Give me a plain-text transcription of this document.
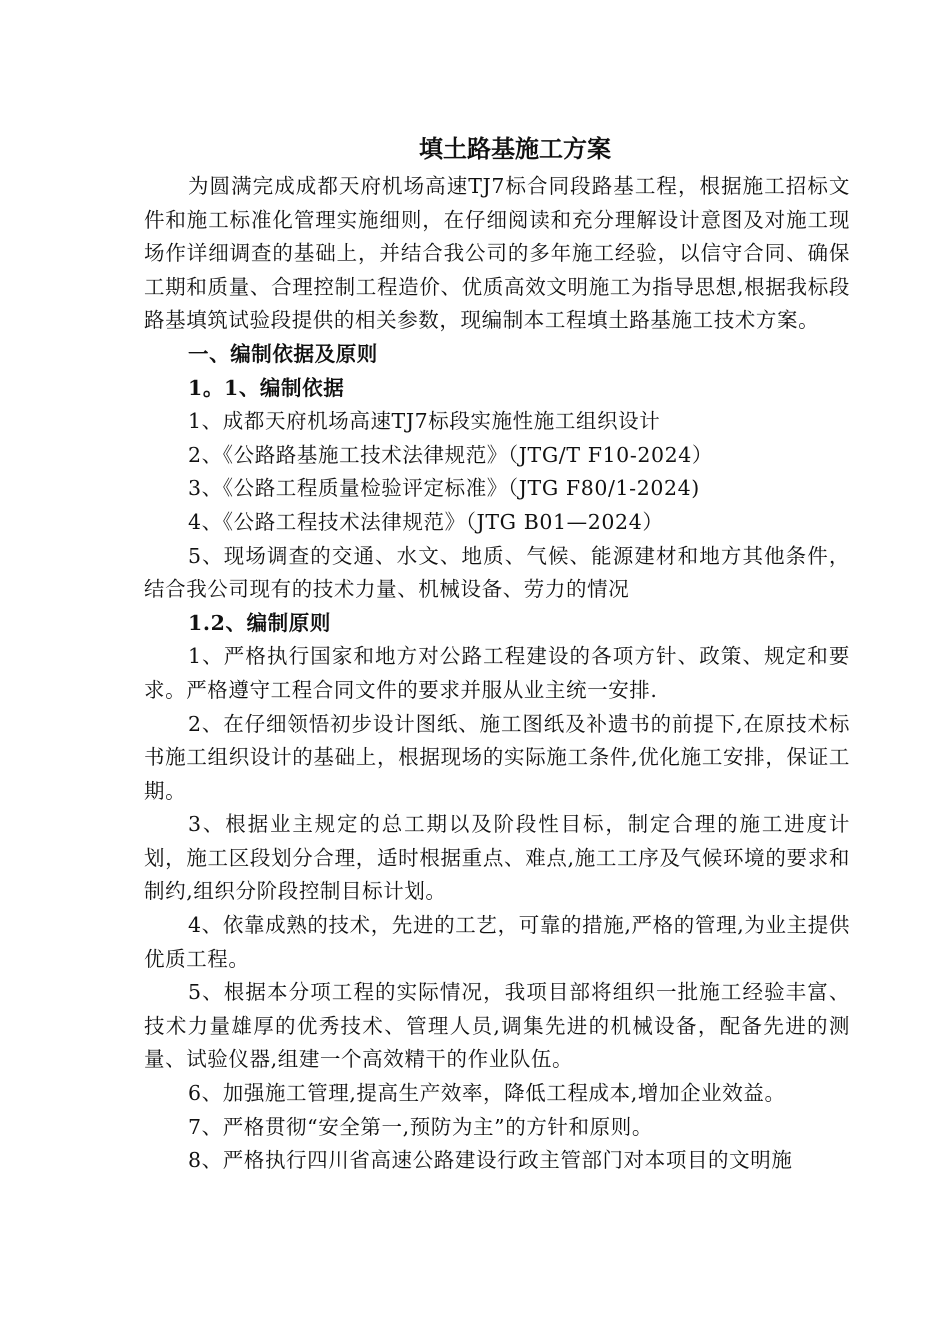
填土路基施工方案

为圆满完成成都天府机场高速TJ7标合同段路基工程，根据施工招标文件和施工标准化管理实施细则，在仔细阅读和充分理解设计意图及对施工现场作详细调查的基础上，并结合我公司的多年施工经验，以信守合同、确保工期和质量、合理控制工程造价、优质高效文明施工为指导思想,根据我标段路基填筑试验段提供的相关参数，现编制本工程填土路基施工技术方案。

一、编制依据及原则

1。1、编制依据

1、成都天府机场高速TJ7标段实施性施工组织设计

2、《公路路基施工技术法律规范》（JTG/T F10-2024）

3、《公路工程质量检验评定标准》（JTG F80/1-2024)

4、《公路工程技术法律规范》（JTG B01—2024）

5、现场调查的交通、水文、地质、气候、能源建材和地方其他条件，结合我公司现有的技术力量、机械设备、劳力的情况

1.2、编制原则

1、严格执行国家和地方对公路工程建设的各项方针、政策、规定和要求。严格遵守工程合同文件的要求并服从业主统一安排.

2、在仔细领悟初步设计图纸、施工图纸及补遗书的前提下,在原技术标书施工组织设计的基础上，根据现场的实际施工条件,优化施工安排，保证工期。

3、根据业主规定的总工期以及阶段性目标，制定合理的施工进度计划，施工区段划分合理，适时根据重点、难点,施工工序及气候环境的要求和制约,组织分阶段控制目标计划。

4、依靠成熟的技术，先进的工艺，可靠的措施,严格的管理,为业主提供优质工程。

5、根据本分项工程的实际情况，我项目部将组织一批施工经验丰富、技术力量雄厚的优秀技术、管理人员,调集先进的机械设备，配备先进的测量、试验仪器,组建一个高效精干的作业队伍。

6、加强施工管理,提高生产效率，降低工程成本,增加企业效益。

7、严格贯彻“安全第一,预防为主”的方针和原则。

8、严格执行四川省高速公路建设行政主管部门对本项目的文明施
